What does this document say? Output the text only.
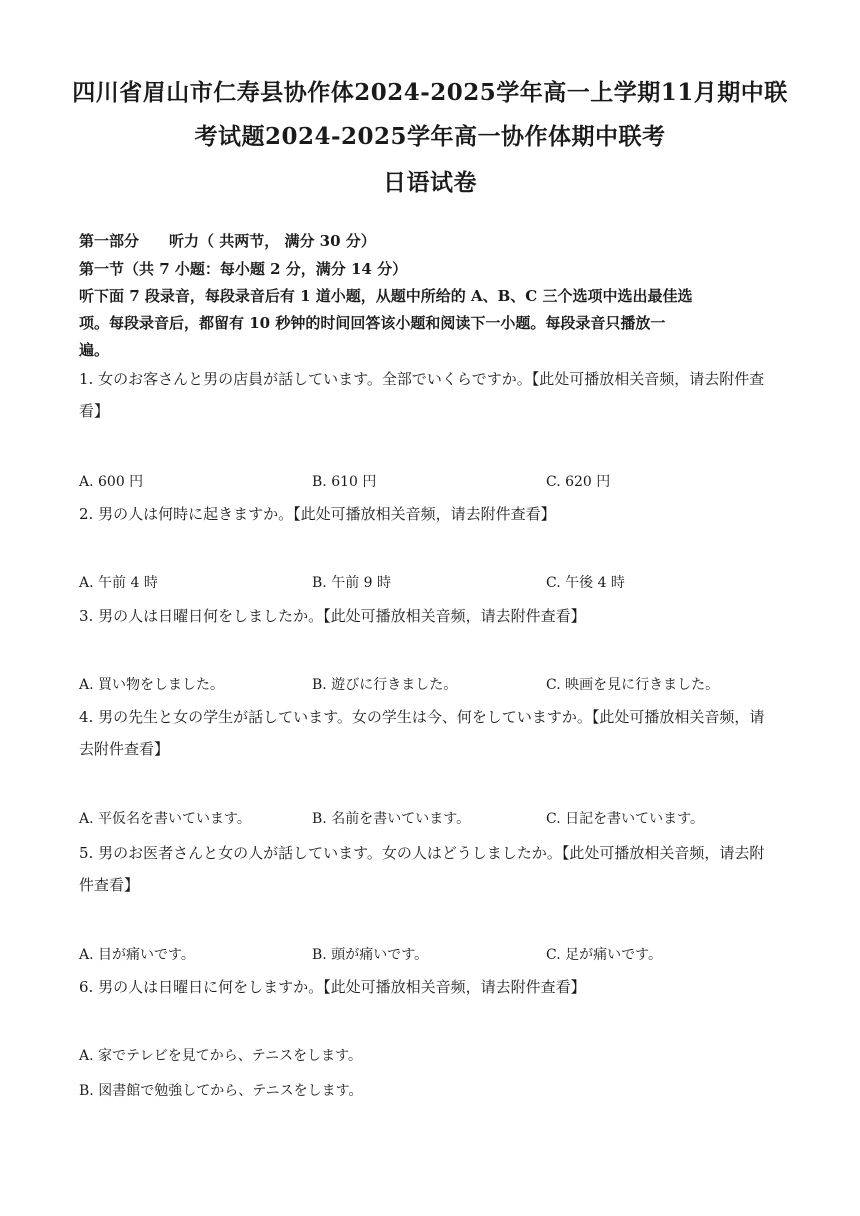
四川省眉山市仁寿县协作体2024-2025学年高一上学期11月期中联
考试题2024-2025学年高一协作体期中联考
日语试卷
第一部分　　听力（ 共两节， 满分 30 分）
第一节（共 7 小题：每小题 2 分，满分 14 分）
听下面 7 段录音，每段录音后有 1 道小题，从题中所给的 A、B、C 三个选项中选出最佳选
项。每段录音后，都留有 10 秒钟的时间回答该小题和阅读下一小题。每段录音只播放一
遍。
1. 女のお客さんと男の店員が話しています。全部でいくらですか。【此处可播放相关音频，请去附件查
看】
A. 600 円	B. 610 円	C. 620 円
2. 男の人は何時に起きますか。【此处可播放相关音频，请去附件查看】
A. 午前 4 時	B. 午前 9 時	C. 午後 4 時
3. 男の人は日曜日何をしましたか。【此处可播放相关音频，请去附件查看】
A. 買い物をしました。	B. 遊びに行きました。	C. 映画を見に行きました。
4. 男の先生と女の学生が話しています。女の学生は今、何をしていますか。【此处可播放相关音频，请
去附件查看】
A. 平仮名を書いています。	B. 名前を書いています。	C. 日記を書いています。
5. 男のお医者さんと女の人が話しています。女の人はどうしましたか。【此处可播放相关音频，请去附
件查看】
A. 目が痛いです。	B. 頭が痛いです。	C. 足が痛いです。
6. 男の人は日曜日に何をしますか。【此处可播放相关音频，请去附件查看】
A. 家でテレビを見てから、テニスをします。
B. 図書館で勉強してから、テニスをします。
